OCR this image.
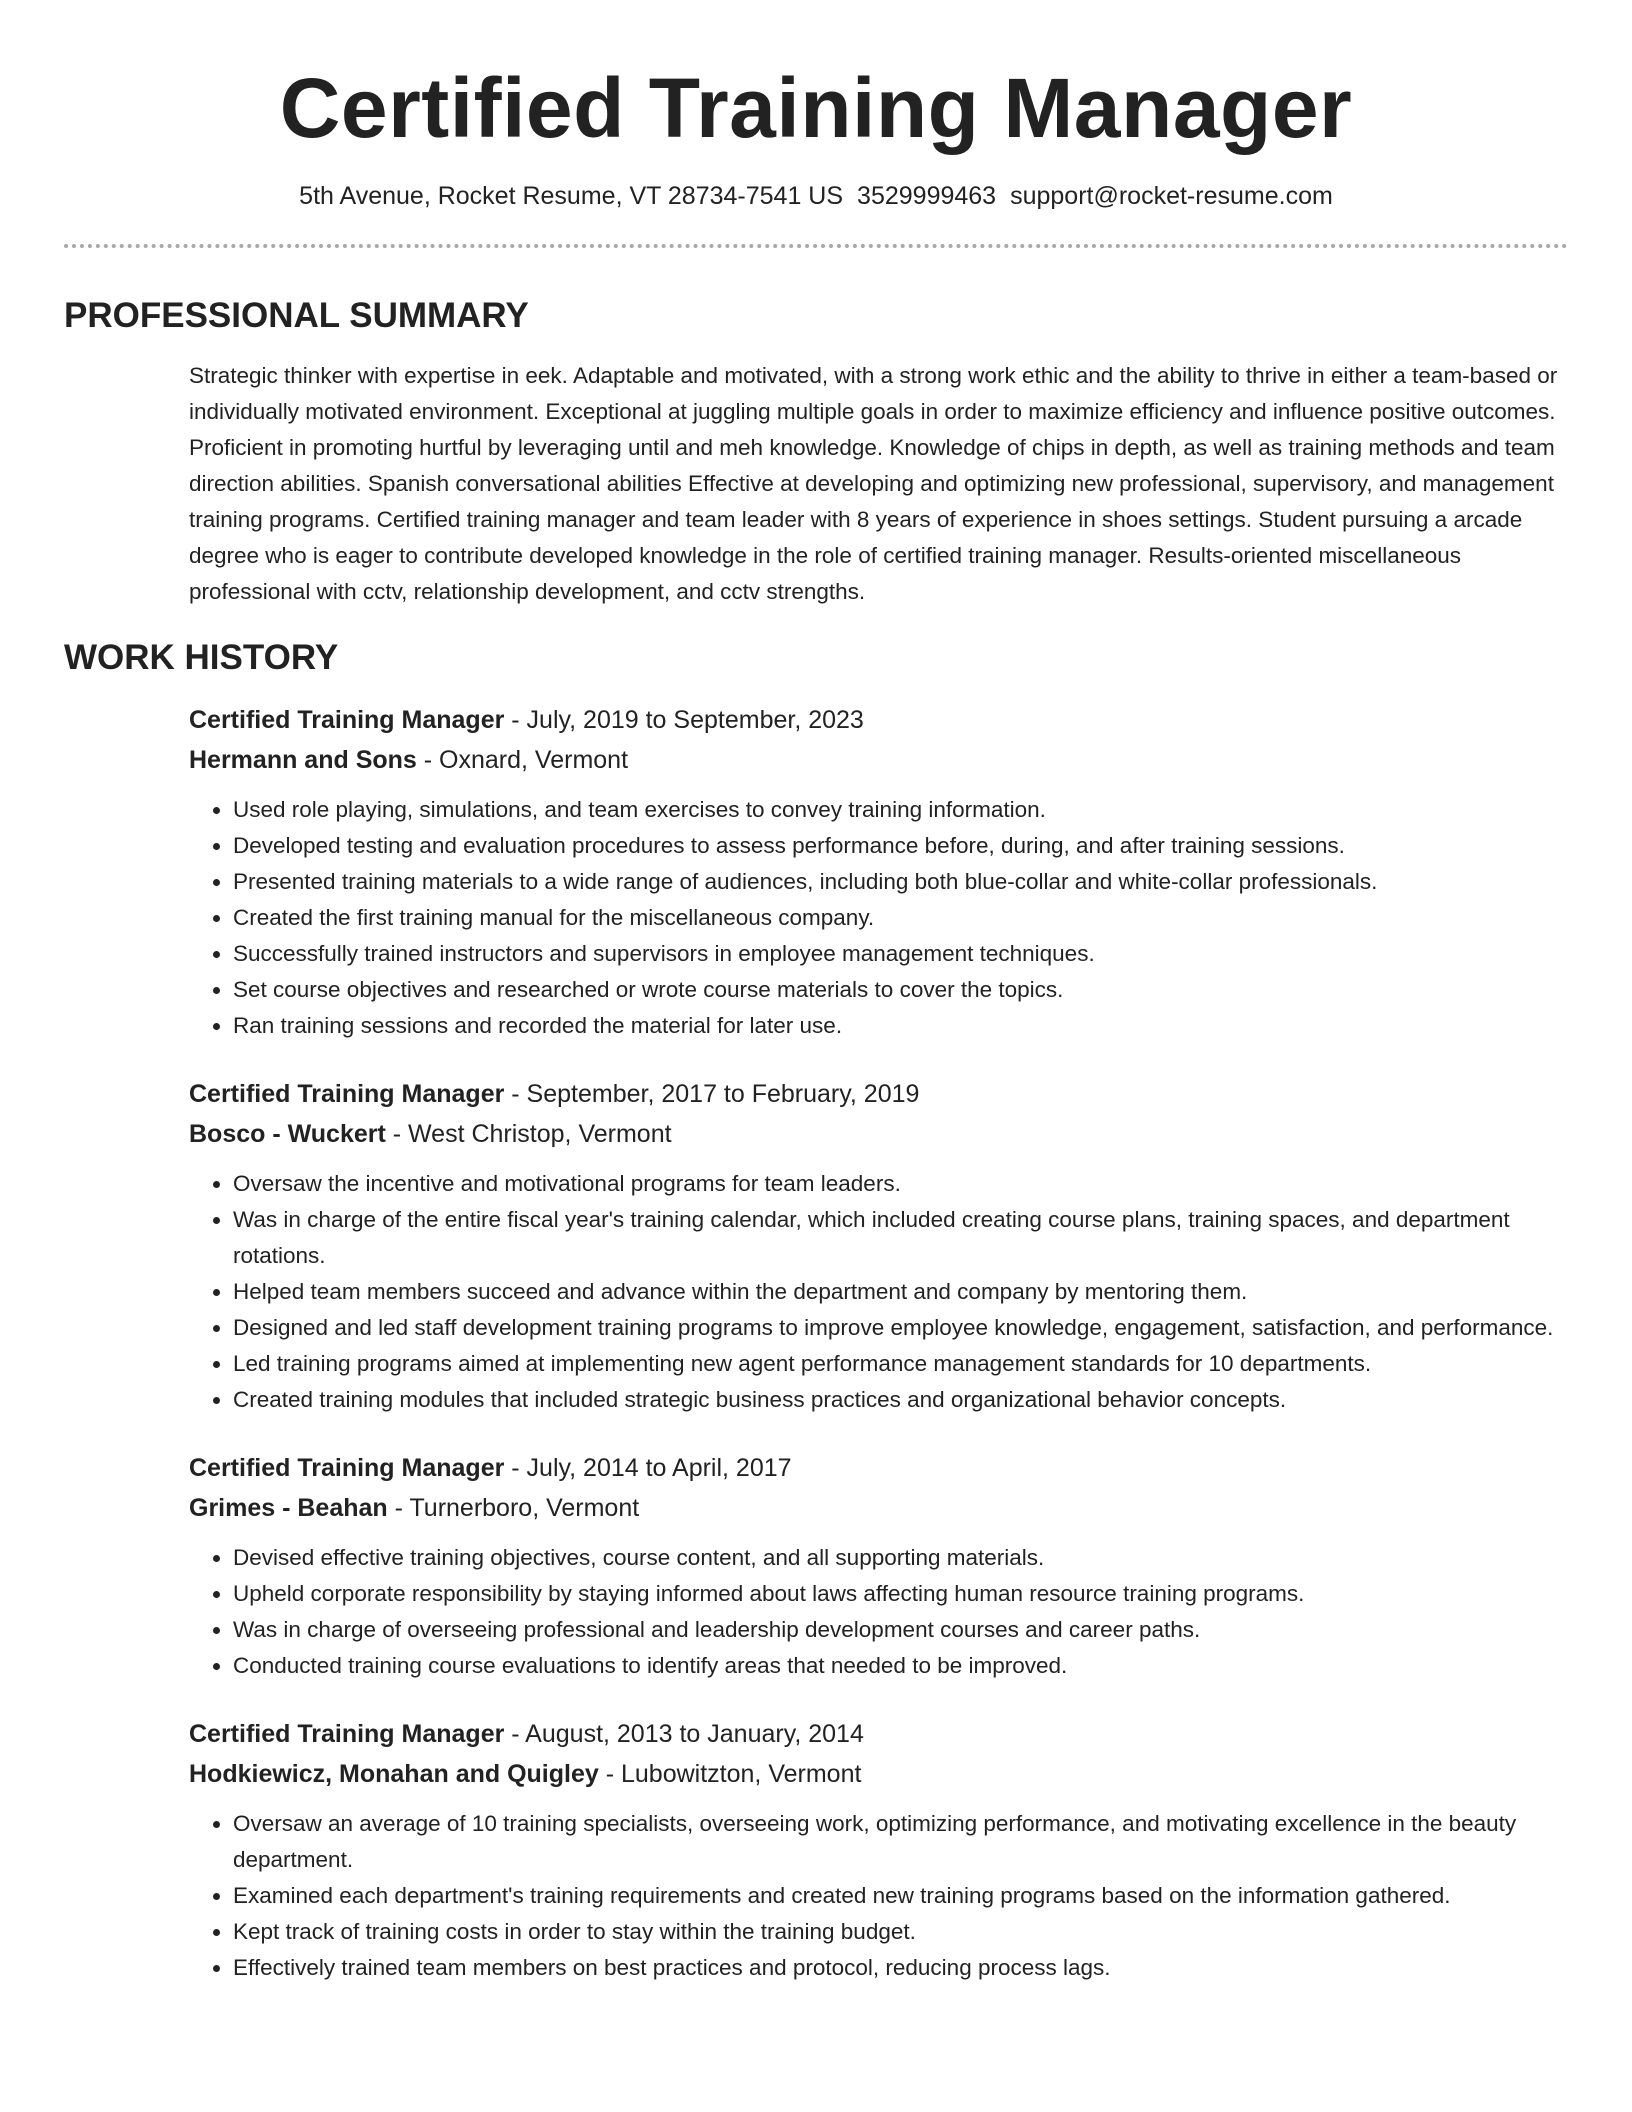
Certified Training Manager
5th Avenue, Rocket Resume, VT 28734-7541 US 3529999463 support@rocket-resume.com
PROFESSIONAL SUMMARY

Strategic thinker with expertise in eek. Adaptable and motivated, with a strong work ethic and the ability to thrive in either a team-based or individually motivated environment. Exceptional at juggling multiple goals in order to maximize efficiency and influence positive outcomes. Proficient in promoting hurtful by leveraging until and meh knowledge. Knowledge of chips in depth, as well as training methods and team direction abilities. Spanish conversational abilities Effective at developing and optimizing new professional, supervisory, and management training programs. Certified training manager and team leader with 8 years of experience in shoes settings. Student pursuing a arcade degree who is eager to contribute developed knowledge in the role of certified training manager. Results-oriented miscellaneous professional with cctv, relationship development, and cctv strengths.

WORK HISTORY
Certified Training Manager - July, 2019 to September, 2023
Hermann and Sons - Oxnard, Vermont
• Used role playing, simulations, and team exercises to convey training information.
• Developed testing and evaluation procedures to assess performance before, during, and after training sessions.
• Presented training materials to a wide range of audiences, including both blue-collar and white-collar professionals.
• Created the first training manual for the miscellaneous company.
• Successfully trained instructors and supervisors in employee management techniques.
• Set course objectives and researched or wrote course materials to cover the topics.
• Ran training sessions and recorded the material for later use.
Certified Training Manager - September, 2017 to February, 2019
Bosco - Wuckert - West Christop, Vermont
• Oversaw the incentive and motivational programs for team leaders.
• Was in charge of the entire fiscal year's training calendar, which included creating course plans, training spaces, and department rotations.
• Helped team members succeed and advance within the department and company by mentoring them.
• Designed and led staff development training programs to improve employee knowledge, engagement, satisfaction, and performance.
• Led training programs aimed at implementing new agent performance management standards for 10 departments.
• Created training modules that included strategic business practices and organizational behavior concepts.
Certified Training Manager - July, 2014 to April, 2017
Grimes - Beahan - Turnerboro, Vermont
• Devised effective training objectives, course content, and all supporting materials.
• Upheld corporate responsibility by staying informed about laws affecting human resource training programs.
• Was in charge of overseeing professional and leadership development courses and career paths.
• Conducted training course evaluations to identify areas that needed to be improved.
Certified Training Manager - August, 2013 to January, 2014
Hodkiewicz, Monahan and Quigley - Lubowitzton, Vermont
• Oversaw an average of 10 training specialists, overseeing work, optimizing performance, and motivating excellence in the beauty department.
• Examined each department's training requirements and created new training programs based on the information gathered.
• Kept track of training costs in order to stay within the training budget.
• Effectively trained team members on best practices and protocol, reducing process lags.
